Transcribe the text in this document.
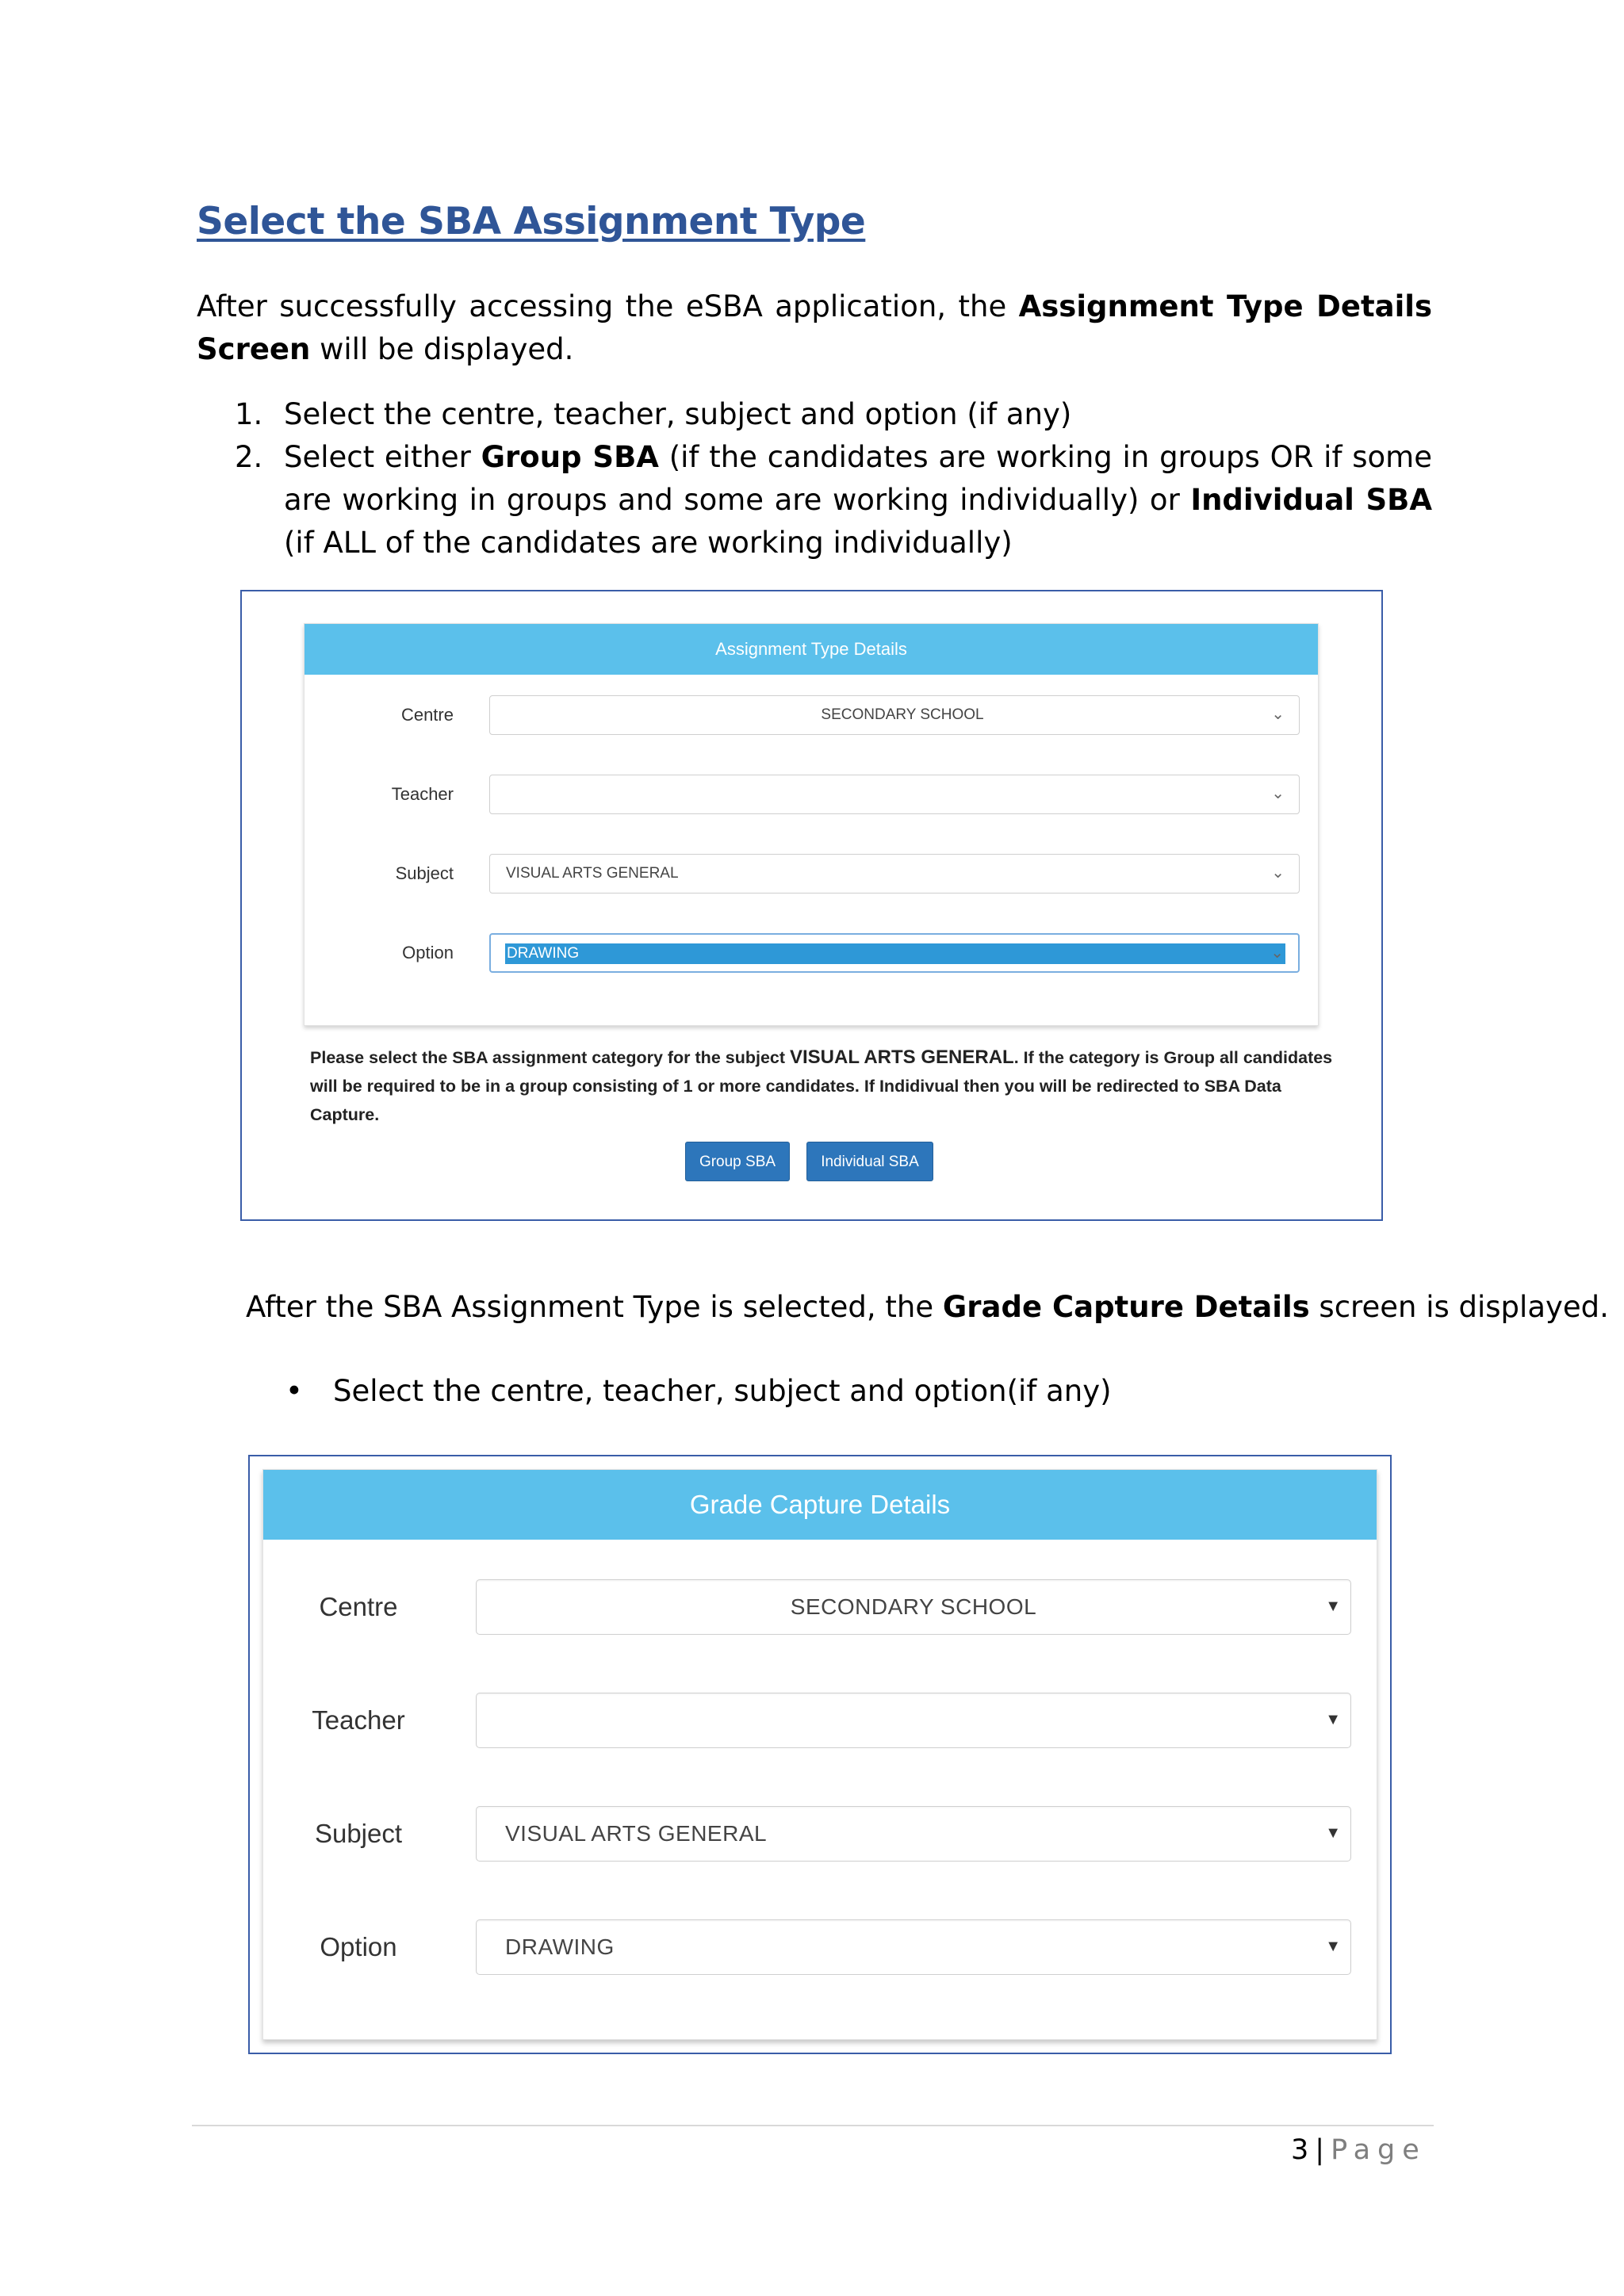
Select the SBA Assignment Type
After successfully accessing the eSBA application, the Assignment Type Details Screen will be displayed.
1. Select the centre, teacher, subject and option (if any)
2. Select either Group SBA (if the candidates are working in groups OR if some are working in groups and some are working individually) or Individual SBA (if ALL of the candidates are working individually)
Assignment Type Details
Centre	SECONDARY SCHOOL	⌄
Teacher	⌄
Subject	VISUAL ARTS GENERAL	⌄
Option	DRAWING	⌄
Please select the SBA assignment category for the subject VISUAL ARTS GENERAL. If the category is Group all candidates will be required to be in a group consisting of 1 or more candidates. If Indidivual then you will be redirected to SBA Data Capture.
Group SBA	Individual SBA
After the SBA Assignment Type is selected, the Grade Capture Details screen is displayed.
• Select the centre, teacher, subject and option(if any)
Grade Capture Details
Centre	SECONDARY SCHOOL	▼
Teacher	▼
Subject	VISUAL ARTS GENERAL	▼
Option	DRAWING	▼
3 | Page
